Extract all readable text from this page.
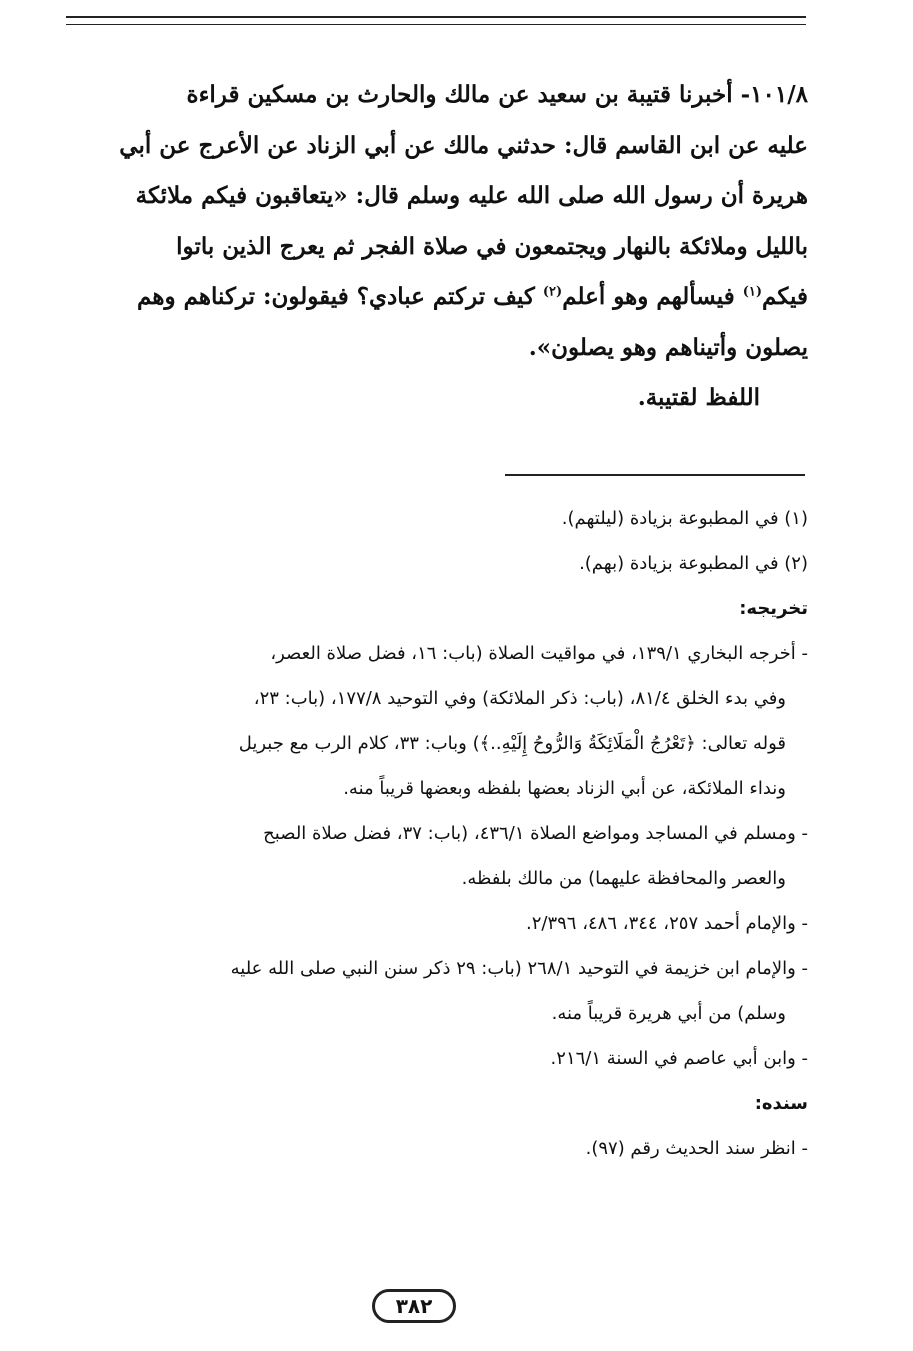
١٠١/٨- أخبرنا قتيبة بن سعيد عن مالك والحارث بن مسكين قراءة
عليه عن ابن القاسم قال: حدثني مالك عن أبي الزناد عن الأعرج عن أبي
هريرة أن رسول الله صلى الله عليه وسلم قال: «يتعاقبون فيكم ملائكة
بالليل وملائكة بالنهار ويجتمعون في صلاة الفجر ثم يعرج الذين باتوا
فيكم$^{(١)}$ فيسألهم وهو أعلم$^{(٢)}$ كيف تركتم عبادي؟ فيقولون: تركناهم وهم
يصلون وأتيناهم وهو يصلون».
اللفظ لقتيبة.

(١) في المطبوعة بزيادة (ليلتهم).

(٢) في المطبوعة بزيادة (بهم).

تخريجه:

- أخرجه البخاري ١٣٩/١، في مواقيت الصلاة (باب: ١٦، فضل صلاة العصر،

وفي بدء الخلق ٨١/٤، (باب: ذكر الملائكة) وفي التوحيد ١٧٧/٨، (باب: ٢٣،

قوله تعالى: ﴿تَعْرُجُ الْمَلَائِكَةُ وَالرُّوحُ إِلَيْهِ..﴾) وباب: ٣٣، كلام الرب مع جبريل

ونداء الملائكة، عن أبي الزناد بعضها بلفظه وبعضها قريباً منه.

- ومسلم في المساجد ومواضع الصلاة ٤٣٦/١، (باب: ٣٧، فضل صلاة الصبح

والعصر والمحافظة عليهما) من مالك بلفظه.

- والإمام أحمد ٢٥٧، ٣٤٤، ٤٨٦، ٢/٣٩٦.

- والإمام ابن خزيمة في التوحيد ٢٦٨/١ (باب: ٢٩ ذكر سنن النبي صلى الله عليه

وسلم) من أبي هريرة قريباً منه.

- وابن أبي عاصم في السنة ٢١٦/١.

سنده:

- انظر سند الحديث رقم (٩٧).

٣٨٢
